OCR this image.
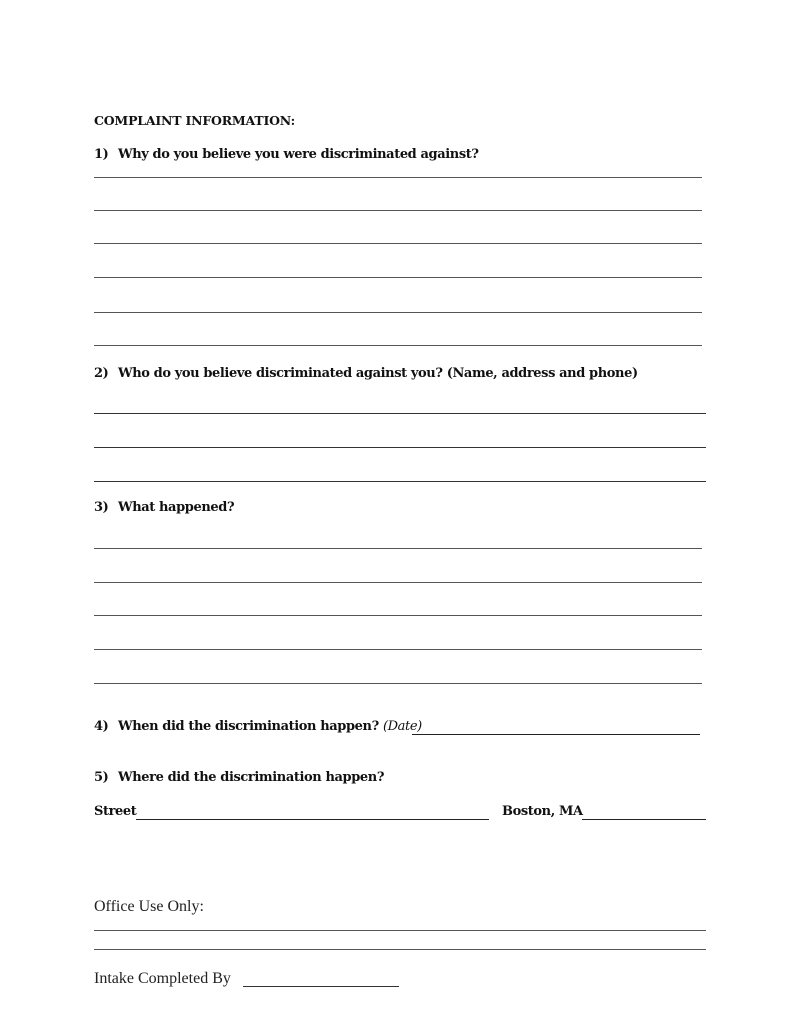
COMPLAINT INFORMATION:
1) Why do you believe you were discriminated against?
2) Who do you believe discriminated against you? (Name, address and phone)
3) What happened?
4) When did the discrimination happen? (Date)
5) Where did the discrimination happen?
Street	Boston, MA
Office Use Only:
Intake Completed By
